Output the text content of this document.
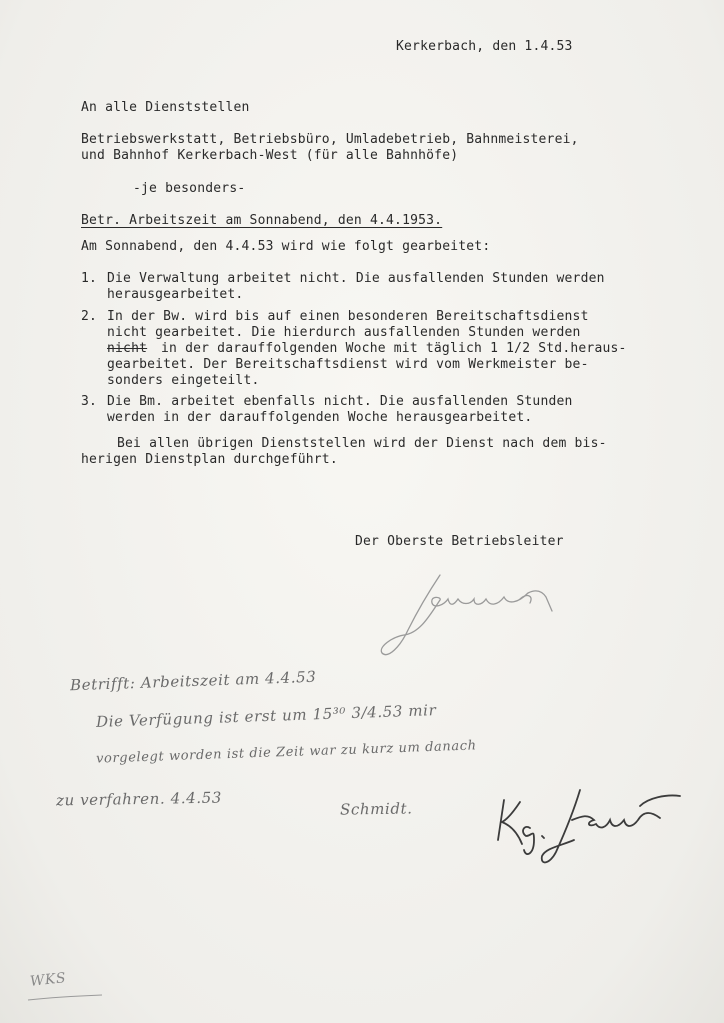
Kerkerbach, den 1.4.53
An alle Dienststellen
Betriebswerkstatt, Betriebsbüro, Umladebetrieb, Bahnmeisterei,
und Bahnhof Kerkerbach-West (für alle Bahnhöfe)
-je besonders-
Betr. Arbeitszeit am Sonnabend, den 4.4.1953.
Am Sonnabend, den 4.4.53 wird wie folgt gearbeitet:
1. Die Verwaltung arbeitet nicht. Die ausfallenden Stunden werden
herausgearbeitet.
2. In der Bw. wird bis auf einen besonderen Bereitschaftsdienst
nicht gearbeitet. Die hierdurch ausfallenden Stunden werden
nicht in der darauffolgenden Woche mit täglich 1 1/2 Std.heraus-
gearbeitet. Der Bereitschaftsdienst wird vom Werkmeister be-
sonders eingeteilt.
3. Die Bm. arbeitet ebenfalls nicht. Die ausfallenden Stunden
werden in der darauffolgenden Woche herausgearbeitet.
Bei allen übrigen Dienststellen wird der Dienst nach dem bis-
herigen Dienstplan durchgeführt.
Der Oberste Betriebsleiter
Betrifft: Arbeitszeit am 4.4.53
Die Verfügung ist erst um 15³⁰ 3/4.53 mir
vorgelegt worden ist die Zeit war zu kurz um danach
zu verfahren. 4.4.53	Schmidt.
WKS
